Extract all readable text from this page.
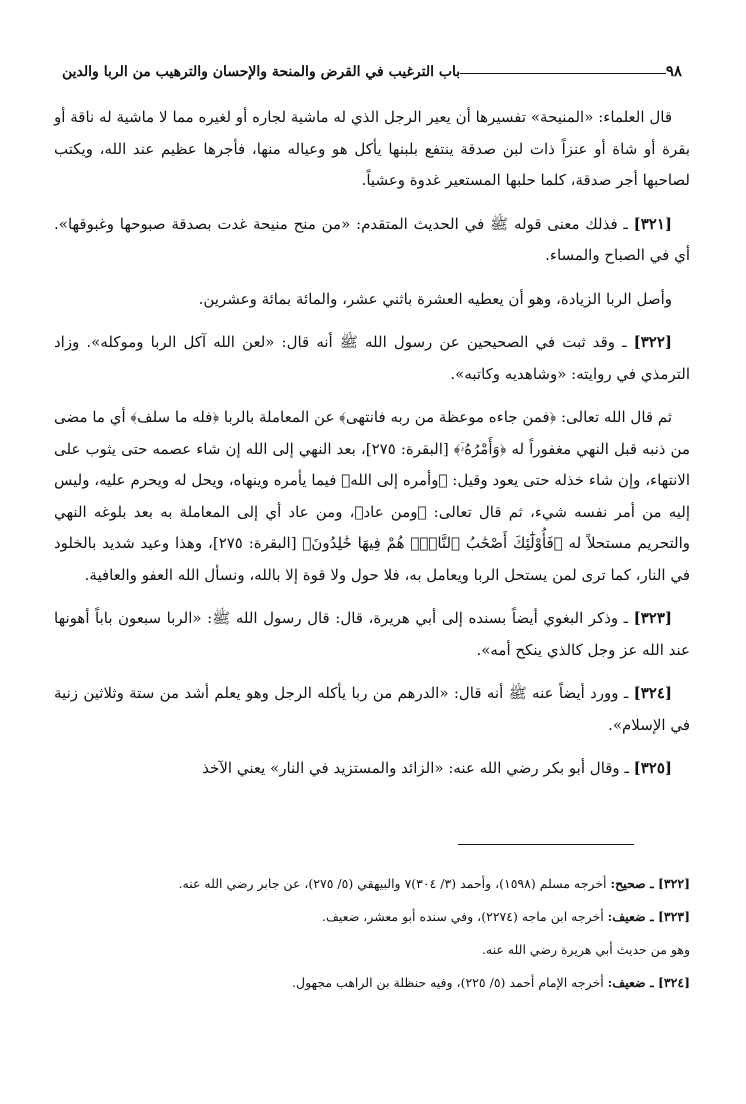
٩٨
باب الترغيب في القرض والمنحة والإحسان والترهيب من الربا والدين

قال العلماء: «المنيحة» تفسيرها أن يعير الرجل الذي له ماشية لجاره أو لغيره مما لا ماشية له ناقة أو بقرة أو شاة أو عنزاً ذات لبن صدقة ينتفع بلبنها يأكل هو وعياله منها، فأجرها عظيم عند الله، ويكتب لصاحبها أجر صدقة، كلما حلبها المستعير غدوة وعشياً.

[٣٢١] ـ فذلك معنى قوله ﷺ في الحديث المتقدم: «من منح منيحة غدت بصدقة صبوحها وغبوقها». أي في الصباح والمساء.

وأصل الربا الزيادة، وهو أن يعطيه العشرة باثني عشر، والمائة بمائة وعشرين.

[٣٢٢] ـ وقد ثبت في الصحيحين عن رسول الله ﷺ أنه قال: «لعن الله آكل الربا وموكله». وزاد الترمذي في روايته: «وشاهديه وكاتبه».

ثم قال الله تعالى: ﴿فمن جاءه موعظة من ربه فانتهى﴾ عن المعاملة بالربا ﴿فله ما سلف﴾ أي ما مضى من ذنبه قبل النهي مغفوراً له ﴿وَأَمْرُهُۥٓ﴾ [البقرة: ٢٧٥]، بعد النهي إلى الله إن شاء عصمه حتى يثوب على الانتهاء، وإن شاء خذله حتى يعود وقيل: ﴿وأمره إلى الله﴾ فيما يأمره وينهاه، ويحل له ويحرم عليه، وليس إليه من أمر نفسه شيء، ثم قال تعالى: ﴿ومن عاد﴾، ومن عاد أي إلى المعاملة به بعد بلوغه النهي والتحريم مستحلاً له ﴿فَأُوْلَٰٓئِكَ أَصْحَٰبُ ٱلنَّارِۖ هُمْ فِيهَا خَٰلِدُونَ﴾ [البقرة: ٢٧٥]، وهذا وعيد شديد بالخلود في النار، كما ترى لمن يستحل الربا ويعامل به، فلا حول ولا قوة إلا بالله، ونسأل الله العفو والعافية.

[٣٢٣] ـ وذكر البغوي أيضاً بسنده إلى أبي هريرة، قال: قال رسول الله ﷺ: «الربا سبعون باباً أهونها عند الله عز وجل كالذي ينكح أمه».

[٣٢٤] ـ وورد أيضاً عنه ﷺ أنه قال: «الدرهم من ربا يأكله الرجل وهو يعلم أشد من ستة وثلاثين زنية في الإسلام».

[٣٢٥] ـ وقال أبو بكر رضي الله عنه: «الزائد والمستزيد في النار» يعني الآخذ

[٣٢٢] ـ صحيح: أخرجه مسلم (١٥٩٨)، وأحمد (٣/ ٣٠٤)٧ والبيهقي (٥/ ٢٧٥)، عن جابر رضي الله عنه.

[٣٢٣] ـ ضعيف: أخرجه ابن ماجه (٢٢٧٤)، وفي سنده أبو معشر، ضعيف.

وهو من حديث أبي هريرة رضي الله عنه.

[٣٢٤] ـ ضعيف: أخرجه الإمام أحمد (٥/ ٢٢٥)، وفيه حنظلة بن الراهب مجهول.
